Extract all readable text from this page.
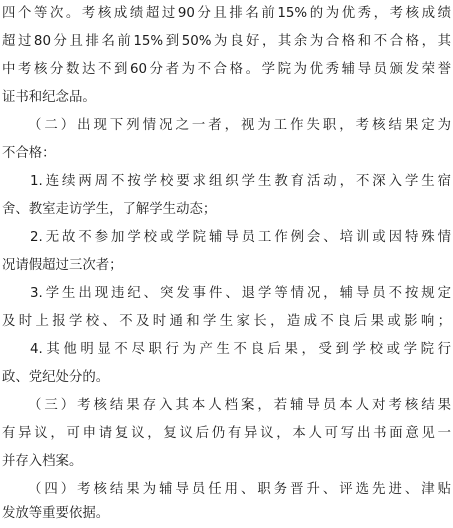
四个等次。考核成绩超过90分且排名前15%的为优秀，考核成绩
超过80分且排名前15%到50%为良好，其余为合格和不合格，其
中考核分数达不到60分者为不合格。学院为优秀辅导员颁发荣誉
证书和纪念品。
（二）出现下列情况之一者，视为工作失职，考核结果定为
不合格：
1.连续两周不按学校要求组织学生教育活动，不深入学生宿
舍、教室走访学生，了解学生动态；
2.无故不参加学校或学院辅导员工作例会、培训或因特殊情
况请假超过三次者；
3.学生出现违纪、突发事件、退学等情况，辅导员不按规定
及时上报学校、不及时通和学生家长，造成不良后果或影响；
4.其他明显不尽职行为产生不良后果，受到学校或学院行
政、党纪处分的。
（三）考核结果存入其本人档案，若辅导员本人对考核结果
有异议，可申请复议，复议后仍有异议，本人可写出书面意见一
并存入档案。
（四）考核结果为辅导员任用、职务晋升、评选先进、津贴
发放等重要依据。
